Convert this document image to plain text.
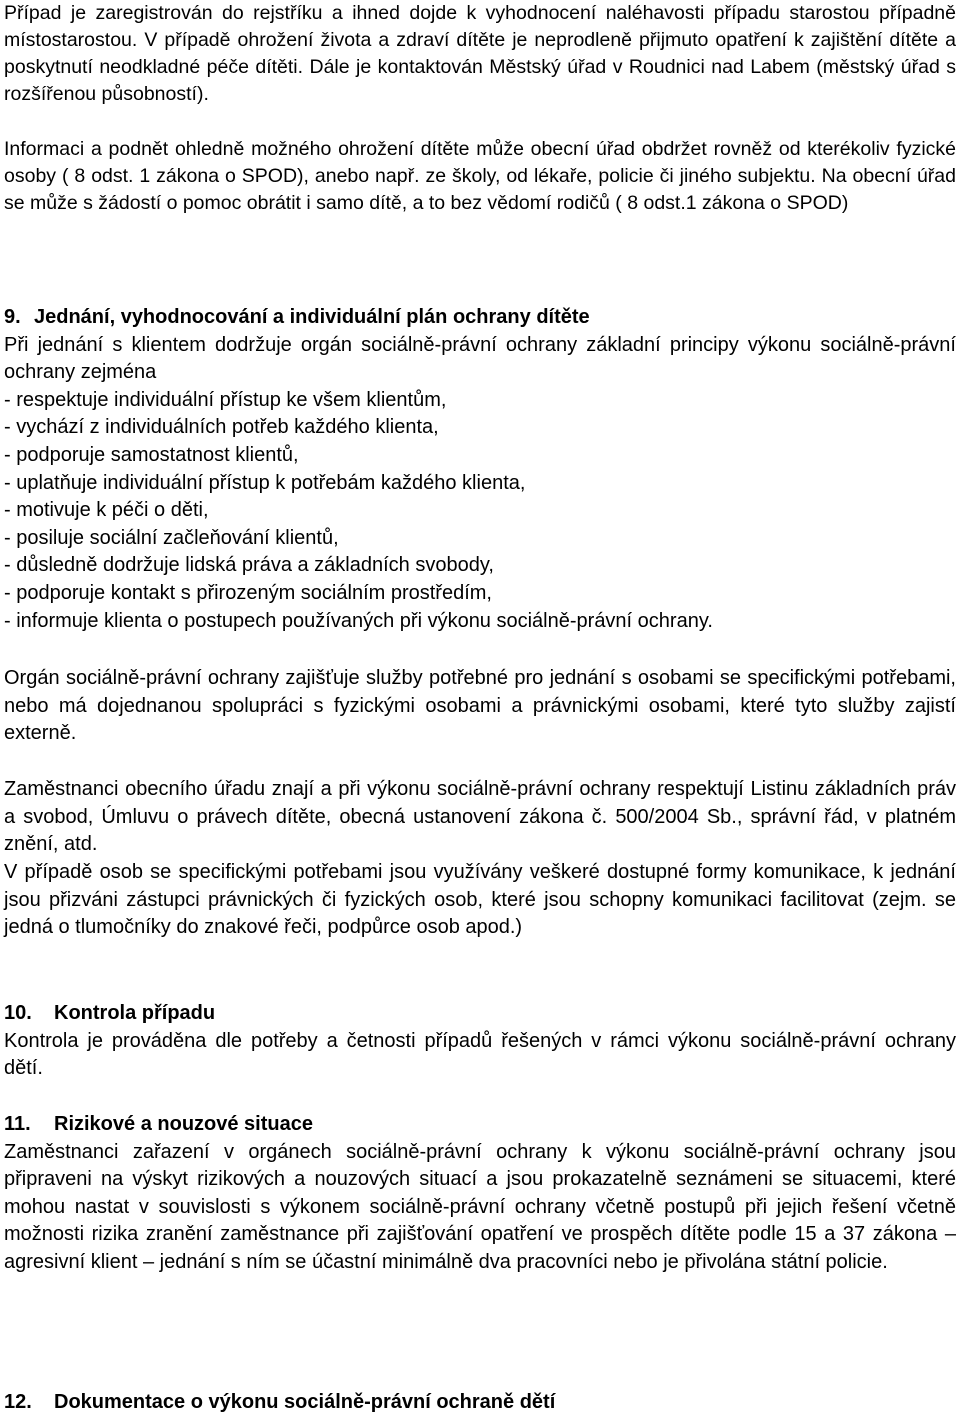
Případ je zaregistrován do rejstříku a ihned dojde k vyhodnocení naléhavosti případu starostou případně místostarostou. V případě ohrožení života a zdraví dítěte je neprodleně přijmuto opatření k zajištění dítěte a poskytnutí neodkladné péče dítěti. Dále je kontaktován Městský úřad v Roudnici nad Labem (městský úřad s rozšířenou působností).

Informaci a podnět ohledně možného ohrožení dítěte může obecní úřad obdržet rovněž od kterékoliv fyzické osoby ( 8 odst. 1 zákona o SPOD), anebo např. ze školy, od lékaře, policie či jiného subjektu. Na obecní úřad se může s žádostí o pomoc obrátit i samo dítě, a to bez vědomí rodičů ( 8 odst.1 zákona o SPOD)

9. Jednání, vyhodnocování a individuální plán ochrany dítěte

Při jednání s klientem dodržuje orgán sociálně-právní ochrany základní principy výkonu sociálně-právní ochrany zejména

- respektuje individuální přístup ke všem klientům,
- vychází z individuálních potřeb každého klienta,
- podporuje samostatnost klientů,
- uplatňuje individuální přístup k potřebám každého klienta,
- motivuje k péči o děti,
- posiluje sociální začleňování klientů,
- důsledně dodržuje lidská práva a základních svobody,
- podporuje kontakt s přirozeným sociálním prostředím,
- informuje klienta o postupech používaných při výkonu sociálně-právní ochrany.

Orgán sociálně-právní ochrany zajišťuje služby potřebné pro jednání s osobami se specifickými potřebami, nebo má dojednanou spolupráci s fyzickými osobami a právnickými osobami, které tyto služby zajistí externě.

Zaměstnanci obecního úřadu znají a při výkonu sociálně-právní ochrany respektují Listinu základních práv a svobod, Úmluvu o právech dítěte, obecná ustanovení zákona č. 500/2004 Sb., správní řád, v platném znění, atd.

V případě osob se specifickými potřebami jsou využívány veškeré dostupné formy komunikace, k jednání jsou přizváni zástupci právnických či fyzických osob, které jsou schopny komunikaci facilitovat (zejm. se jedná o tlumočníky do znakové řeči, podpůrce osob apod.)

10. Kontrola případu

Kontrola je prováděna dle potřeby a četnosti případů řešených v rámci výkonu sociálně-právní ochrany dětí.

11. Rizikové a nouzové situace

Zaměstnanci zařazení v orgánech sociálně-právní ochrany k výkonu sociálně-právní ochrany jsou připraveni na výskyt rizikových a nouzových situací a jsou prokazatelně seznámeni se situacemi, které mohou nastat v souvislosti s výkonem sociálně-právní ochrany včetně postupů při jejich řešení včetně možnosti rizika zranění zaměstnance při zajišťování opatření ve prospěch dítěte podle 15 a 37 zákona – agresivní klient – jednání s ním se účastní minimálně dva pracovníci nebo je přivolána státní policie.

12. Dokumentace o výkonu sociálně-právní ochraně dětí
